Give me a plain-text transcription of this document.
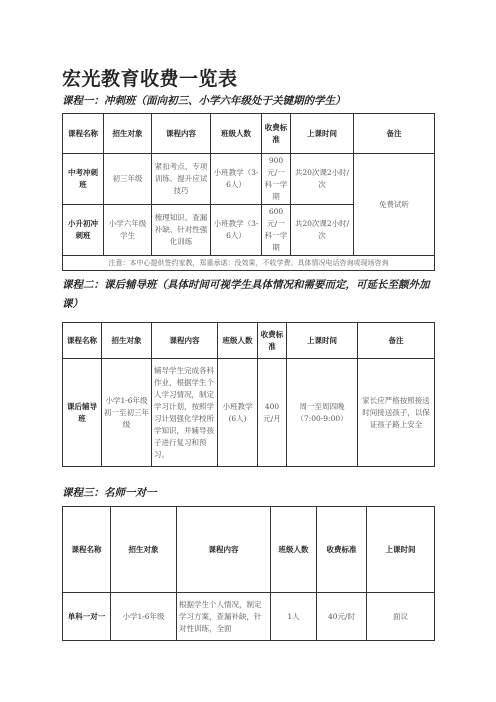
宏光教育收费一览表
课程一：冲刺班（面向初三、小学六年级处于关键期的学生）
课程名称	招生对象	课程内容	班级人数	收费标准	上课时间	备注
中考冲刺班	初三年级	紧扣考点、专项训练、提升应试技巧	小班教学（3-6人）	900元/一科一学期	共20次课2小时/次	免费试听
小升初冲刺班	小学六年级学生	梳理知识、查漏补缺、针对性强化训练	小班教学（3-6人）	600元/一科一学期	共20次课2小时/次	
注意：本中心提供签约家教，郑重承诺：没效果，不收学费。具体情况电话咨询或现场咨询						
课程二：课后辅导班（具体时间可视学生具体情况和需要而定，可延长至额外加课）
课程名称	招生对象	课程内容	班级人数	收费标准	上课时间	备注
课后辅导班	小学1-6年级初一至初三年级	辅导学生完成各科作业，根据学生个人学习情况，制定学习计划，按照学习计划强化学校所学知识，并辅导孩子进行复习和预习。	小班教学(6人)	400元/月	周一至周四晚（7:00-9:00）	家长应严格按照接送时间接送孩子，以保证孩子路上安全
课程三：名师一对一
课程名称	招生对象	课程内容	班级人数	收费标准	上课时间
单科一对一	小学1-6年级	根据学生个人情况，制定学习方案，查漏补缺，针对性训练，全面	1人	40元/时	面议
